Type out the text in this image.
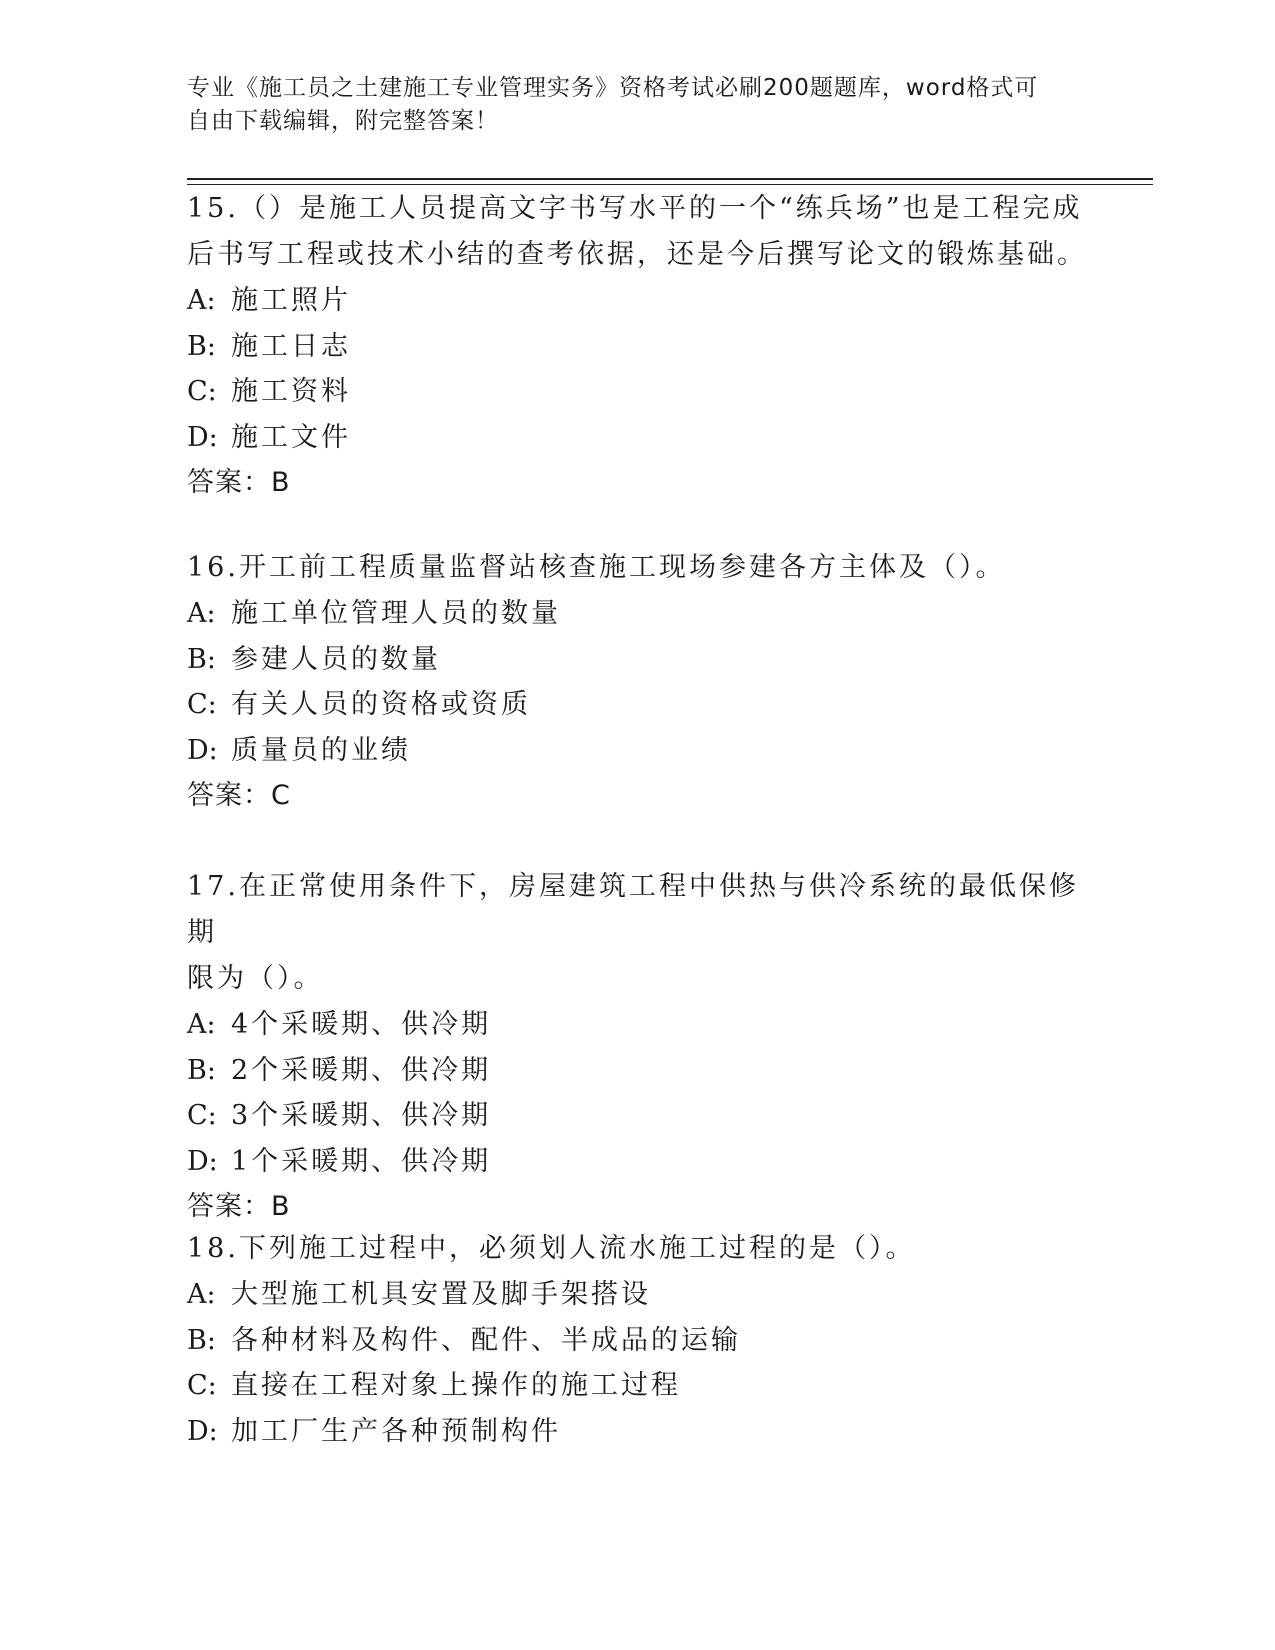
专业《施工员之土建施工专业管理实务》资格考试必刷200题题库，word格式可
自由下载编辑，附完整答案！

15.（）是施工人员提高文字书写水平的一个“练兵场”也是工程完成

后书写工程或技术小结的查考依据，还是今后撰写论文的锻炼基础。

A: 施工照片

B: 施工日志

C: 施工资料

D: 施工文件

答案：B

16.开工前工程质量监督站核查施工现场参建各方主体及（）。

A: 施工单位管理人员的数量

B: 参建人员的数量

C: 有关人员的资格或资质

D: 质量员的业绩

答案：C

17.在正常使用条件下，房屋建筑工程中供热与供冷系统的最低保修期

限为（）。

A: 4个采暖期、供冷期

B: 2个采暖期、供冷期

C: 3个采暖期、供冷期

D: 1个采暖期、供冷期

答案：B

18.下列施工过程中，必须划人流水施工过程的是（）。

A: 大型施工机具安置及脚手架搭设

B: 各种材料及构件、配件、半成品的运输

C: 直接在工程对象上操作的施工过程

D: 加工厂生产各种预制构件
